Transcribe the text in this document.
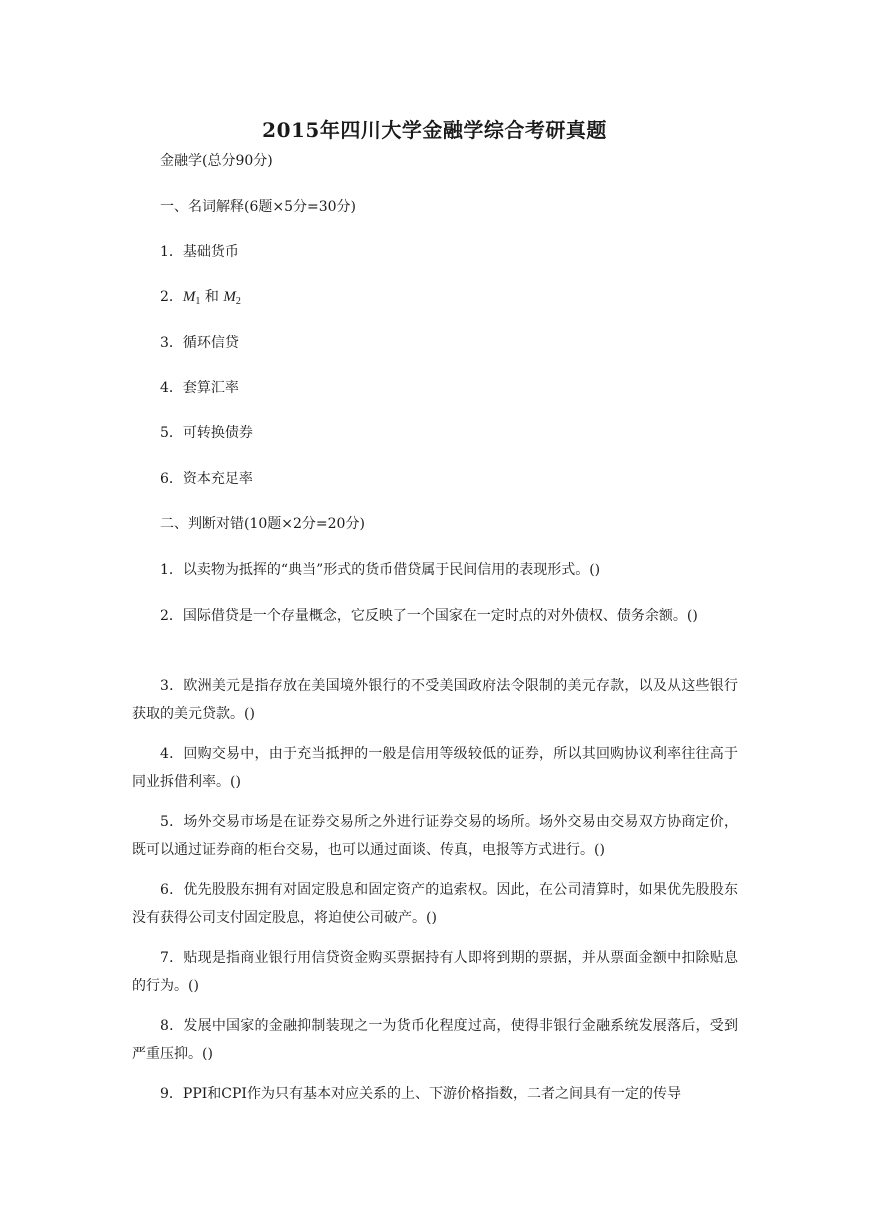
2015年四川大学金融学综合考研真题

金融学(总分90分)

一、名词解释(6题×5分=30分)

1．基础货币

2．$M_1$ 和 $M_2$

3．循环信贷

4．套算汇率

5．可转换债券

6．资本充足率

二、判断对错(10题×2分=20分)

1．以卖物为抵挥的“典当”形式的货币借贷属于民间信用的表现形式。()

2．国际借贷是一个存量概念，它反映了一个国家在一定时点的对外债权、债务余额。()

3．欧洲美元是指存放在美国境外银行的不受美国政府法令限制的美元存款，以及从这些银行获取的美元贷款。()

4．回购交易中，由于充当抵押的一般是信用等级较低的证券，所以其回购协议利率往往高于同业拆借利率。()

5．场外交易市场是在证券交易所之外进行证券交易的场所。场外交易由交易双方协商定价，既可以通过证券商的柜台交易，也可以通过面谈、传真，电报等方式进行。()

6．优先股股东拥有对固定股息和固定资产的追索权。因此，在公司清算时，如果优先股股东没有获得公司支付固定股息，将迫使公司破产。()

7．贴现是指商业银行用信贷资金购买票据持有人即将到期的票据，并从票面金额中扣除贴息的行为。()

8．发展中国家的金融抑制装现之一为货币化程度过高，使得非银行金融系统发展落后，受到严重压抑。()

9．PPI和CPI作为只有基本对应关系的上、下游价格指数，二者之间具有一定的传导
